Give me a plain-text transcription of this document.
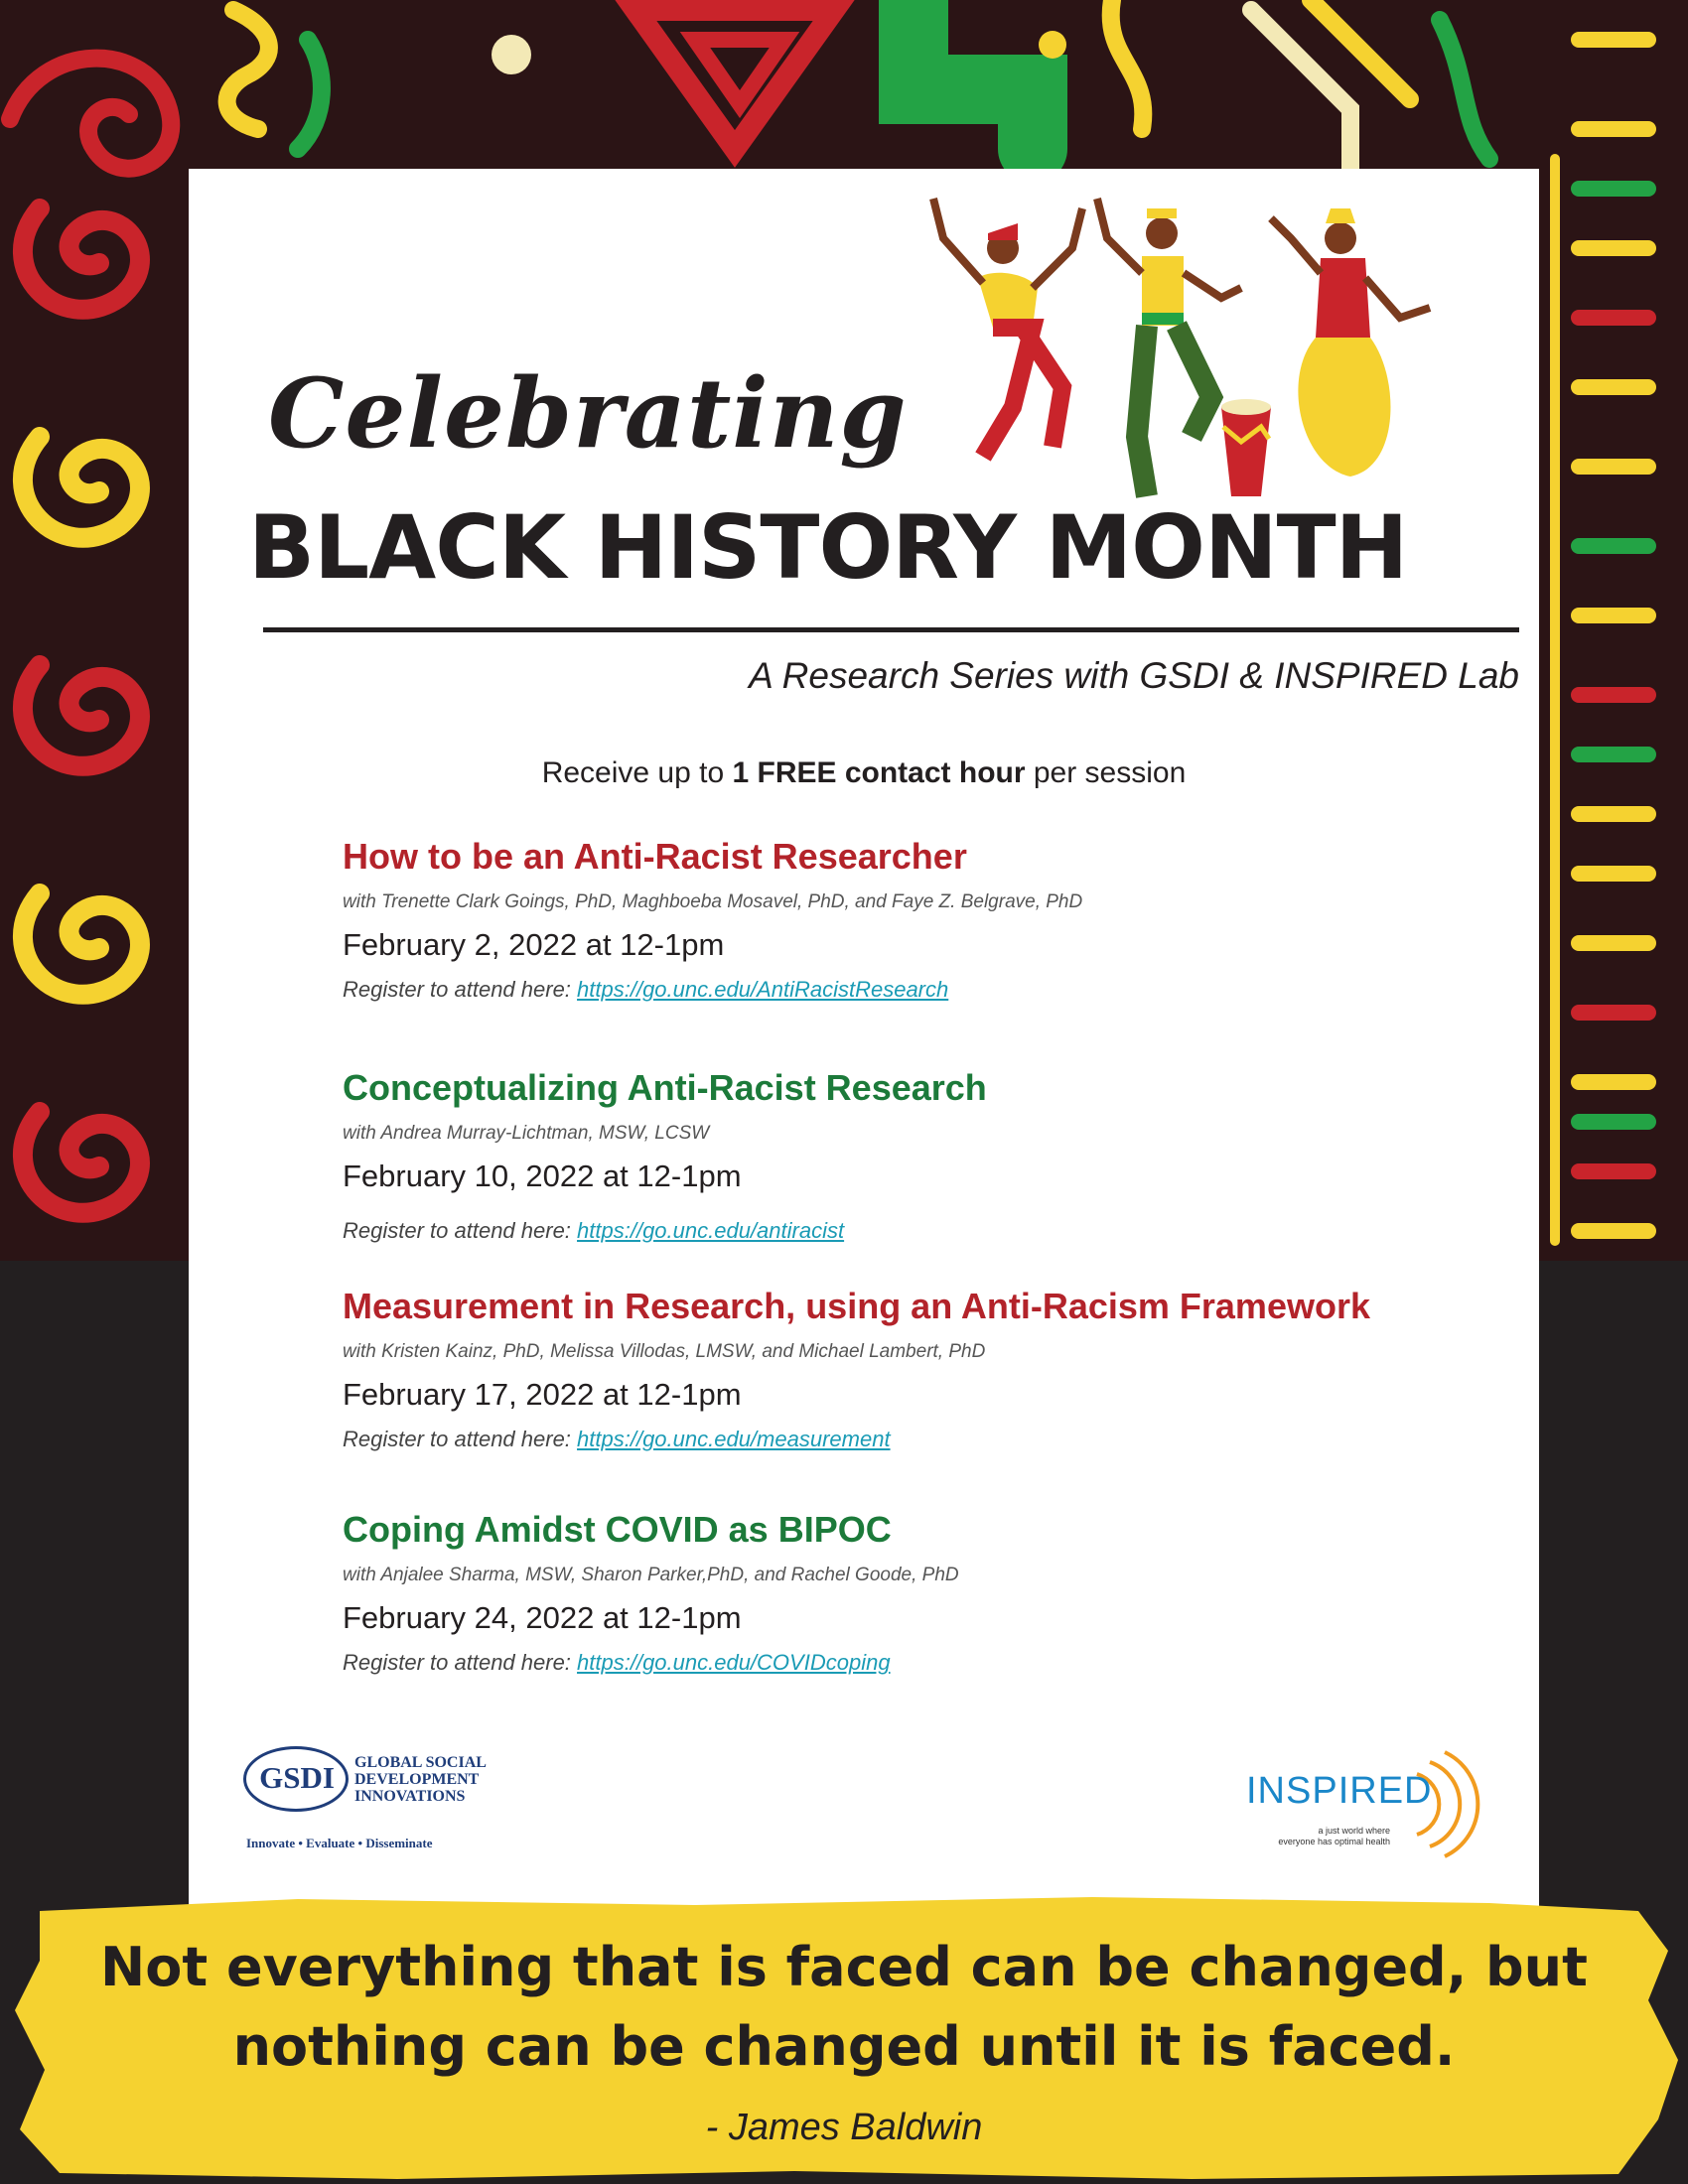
Celebrating
BLACK HISTORY MONTH
A Research Series with GSDI & INSPIRED Lab
Receive up to 1 FREE contact hour per session
How to be an Anti-Racist Researcher
with Trenette Clark Goings, PhD, Maghboeba Mosavel, PhD, and Faye Z. Belgrave, PhD
February 2, 2022 at 12-1pm
Register to attend here: https://go.unc.edu/AntiRacistResearch
Conceptualizing Anti-Racist Research
with Andrea Murray-Lichtman, MSW, LCSW
February 10, 2022 at 12-1pm
Register to attend here: https://go.unc.edu/antiracist
Measurement in Research, using an Anti-Racism Framework
with Kristen Kainz, PhD, Melissa Villodas, LMSW, and Michael Lambert, PhD
February 17, 2022 at 12-1pm
Register to attend here: https://go.unc.edu/measurement
Coping Amidst COVID as BIPOC
with Anjalee Sharma, MSW, Sharon Parker,PhD, and Rachel Goode, PhD
February 24, 2022 at 12-1pm
Register to attend here: https://go.unc.edu/COVIDcoping
GSDI	GLOBAL SOCIAL
DEVELOPMENT
INNOVATIONS
Innovate • Evaluate • Disseminate
INSPIRED
a just world where
everyone has optimal health
Not everything that is faced can be changed, but
nothing can be changed until it is faced.
- James Baldwin
